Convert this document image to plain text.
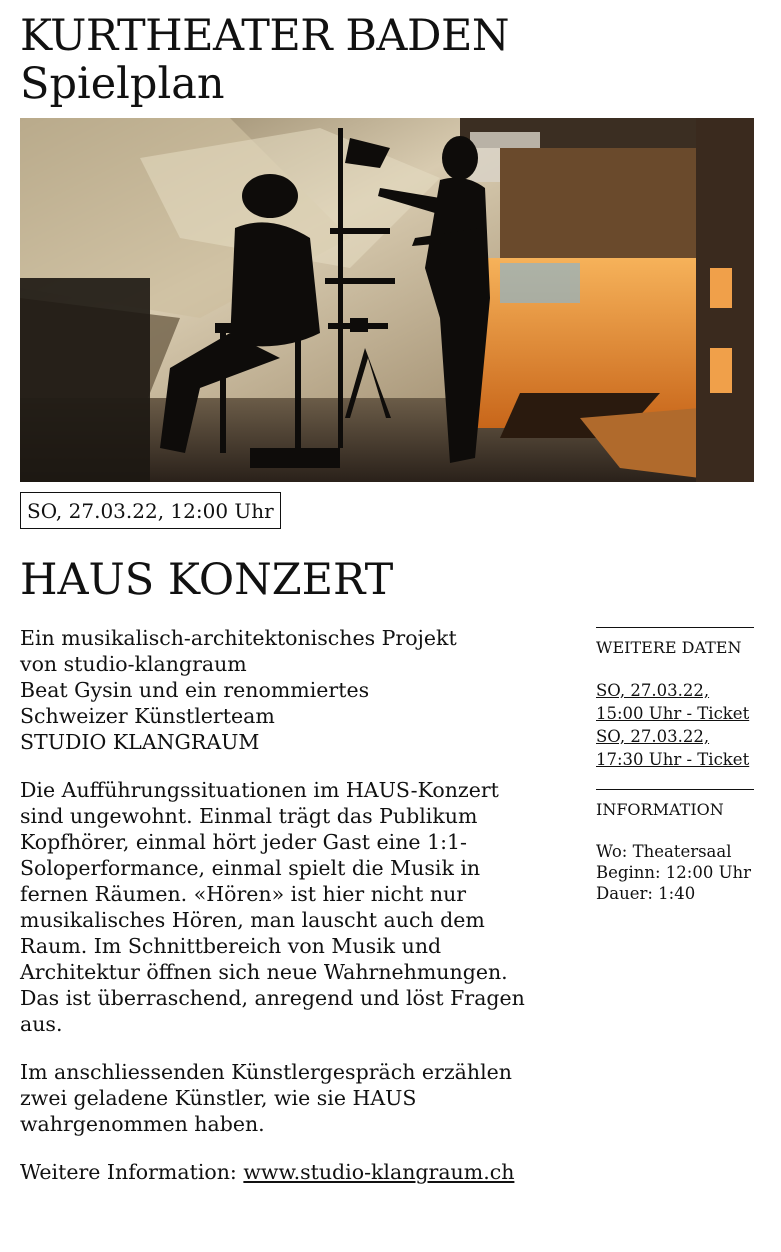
KURTHEATER BADEN
Spielplan
SO, 27.03.22, 12:00 Uhr
HAUS KONZERT

Ein musikalisch-architektonisches Projekt
von studio-klangraum
Beat Gysin und ein renommiertes
Schweizer Künstlerteam
STUDIO KLANGRAUM

Die Aufführungssituationen im HAUS-Konzert sind ungewohnt. Einmal trägt das Publikum Kopfhörer, einmal hört jeder Gast eine 1:1-Soloperformance, einmal spielt die Musik in fernen Räumen. «Hören» ist hier nicht nur musikalisches Hören, man lauscht auch dem Raum. Im Schnittbereich von Musik und Architektur öffnen sich neue Wahrnehmungen. Das ist überraschend, anregend und löst Fragen aus.

Im anschliessenden Künstlergespräch erzählen zwei geladene Künstler, wie sie HAUS wahrgenommen haben.

Weitere Information: www.studio-klangraum.ch

WEITERE DATEN
SO, 27.03.22, 15:00 Uhr - Ticket
SO, 27.03.22, 17:30 Uhr - Ticket
INFORMATION
Wo: Theatersaal
Beginn: 12:00 Uhr
Dauer: 1:40
